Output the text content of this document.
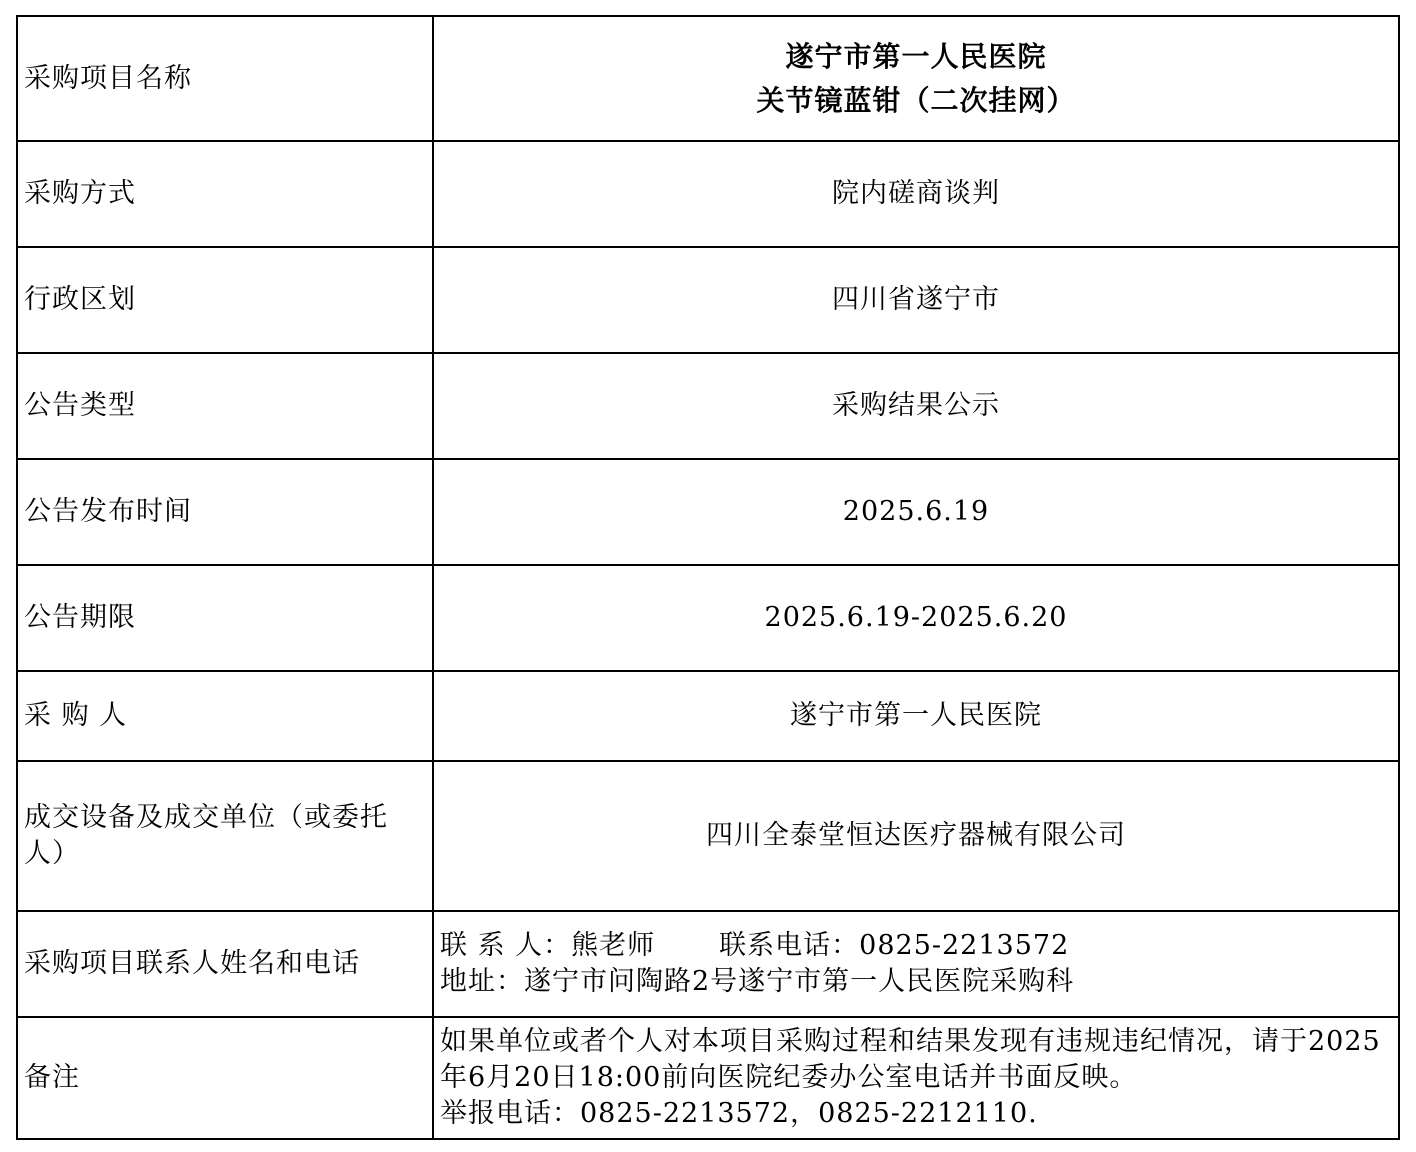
采购项目名称	遂宁市第一人民医院
关节镜蓝钳（二次挂网）

采购方式	院内磋商谈判
行政区划	四川省遂宁市
公告类型	采购结果公示
公告发布时间	2025.6.19
公告期限	2025.6.19-2025.6.20
采 购 人	遂宁市第一人民医院
成交设备及成交单位（或委托人）	四川全泰堂恒达医疗器械有限公司
采购项目联系人姓名和电话	联 系 人：熊老师 联系电话：0825-2213572
地址：遂宁市问陶路2号遂宁市第一人民医院采购科

备注	如果单位或者个人对本项目采购过程和结果发现有违规违纪情况，请于2025年6月20日18:00前向医院纪委办公室电话并书面反映。
举报电话：0825-2213572，0825-2212110.
